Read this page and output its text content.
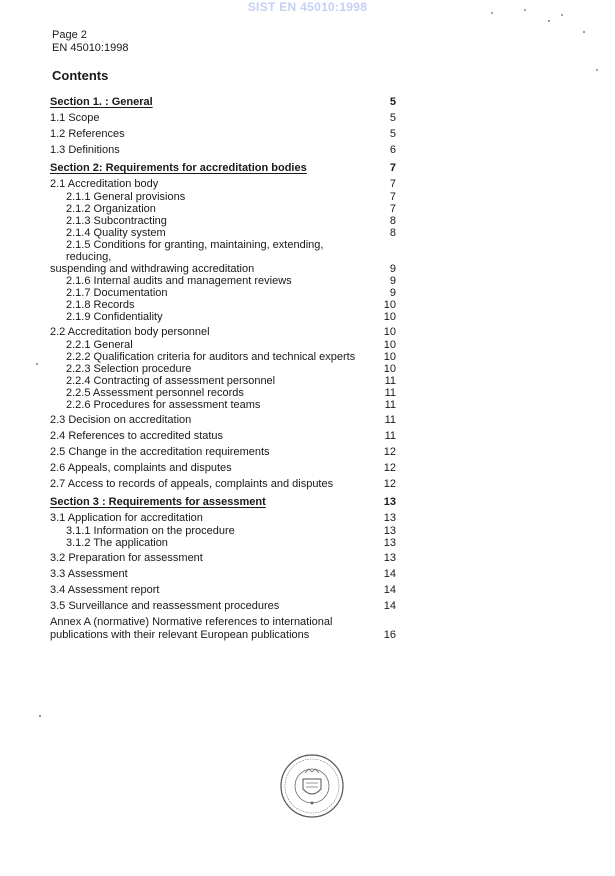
SIST EN 45010:1998
Page 2
EN 45010:1998
Contents
Section 1. : General	5
1.1 Scope	5
1.2 References	5
1.3 Definitions	6
Section 2: Requirements for accreditation bodies	7
2.1 Accreditation body	7
2.1.1 General provisions	7
2.1.2 Organization	7
2.1.3 Subcontracting	8
2.1.4 Quality system	8
2.1.5 Conditions for granting, maintaining, extending, reducing,
suspending and withdrawing accreditation	9
2.1.6 Internal audits and management reviews	9
2.1.7 Documentation	9
2.1.8 Records	10
2.1.9 Confidentiality	10
2.2 Accreditation body personnel	10
2.2.1 General	10
2.2.2 Qualification criteria for auditors and technical experts	10
2.2.3 Selection procedure	10
2.2.4 Contracting of assessment personnel	11
2.2.5 Assessment personnel records	11
2.2.6 Procedures for assessment teams	11
2.3 Decision on accreditation	11
2.4 References to accredited status	11
2.5 Change in the accreditation requirements	12
2.6 Appeals, complaints and disputes	12
2.7 Access to records of appeals, complaints and disputes	12
Section 3 : Requirements for assessment	13
3.1 Application for accreditation	13
3.1.1 Information on the procedure	13
3.1.2 The application	13
3.2 Preparation for assessment	13
3.3 Assessment	14
3.4 Assessment report	14
3.5 Surveillance and reassessment procedures	14
Annex A (normative) Normative references to international
publications with their relevant European publications	16
